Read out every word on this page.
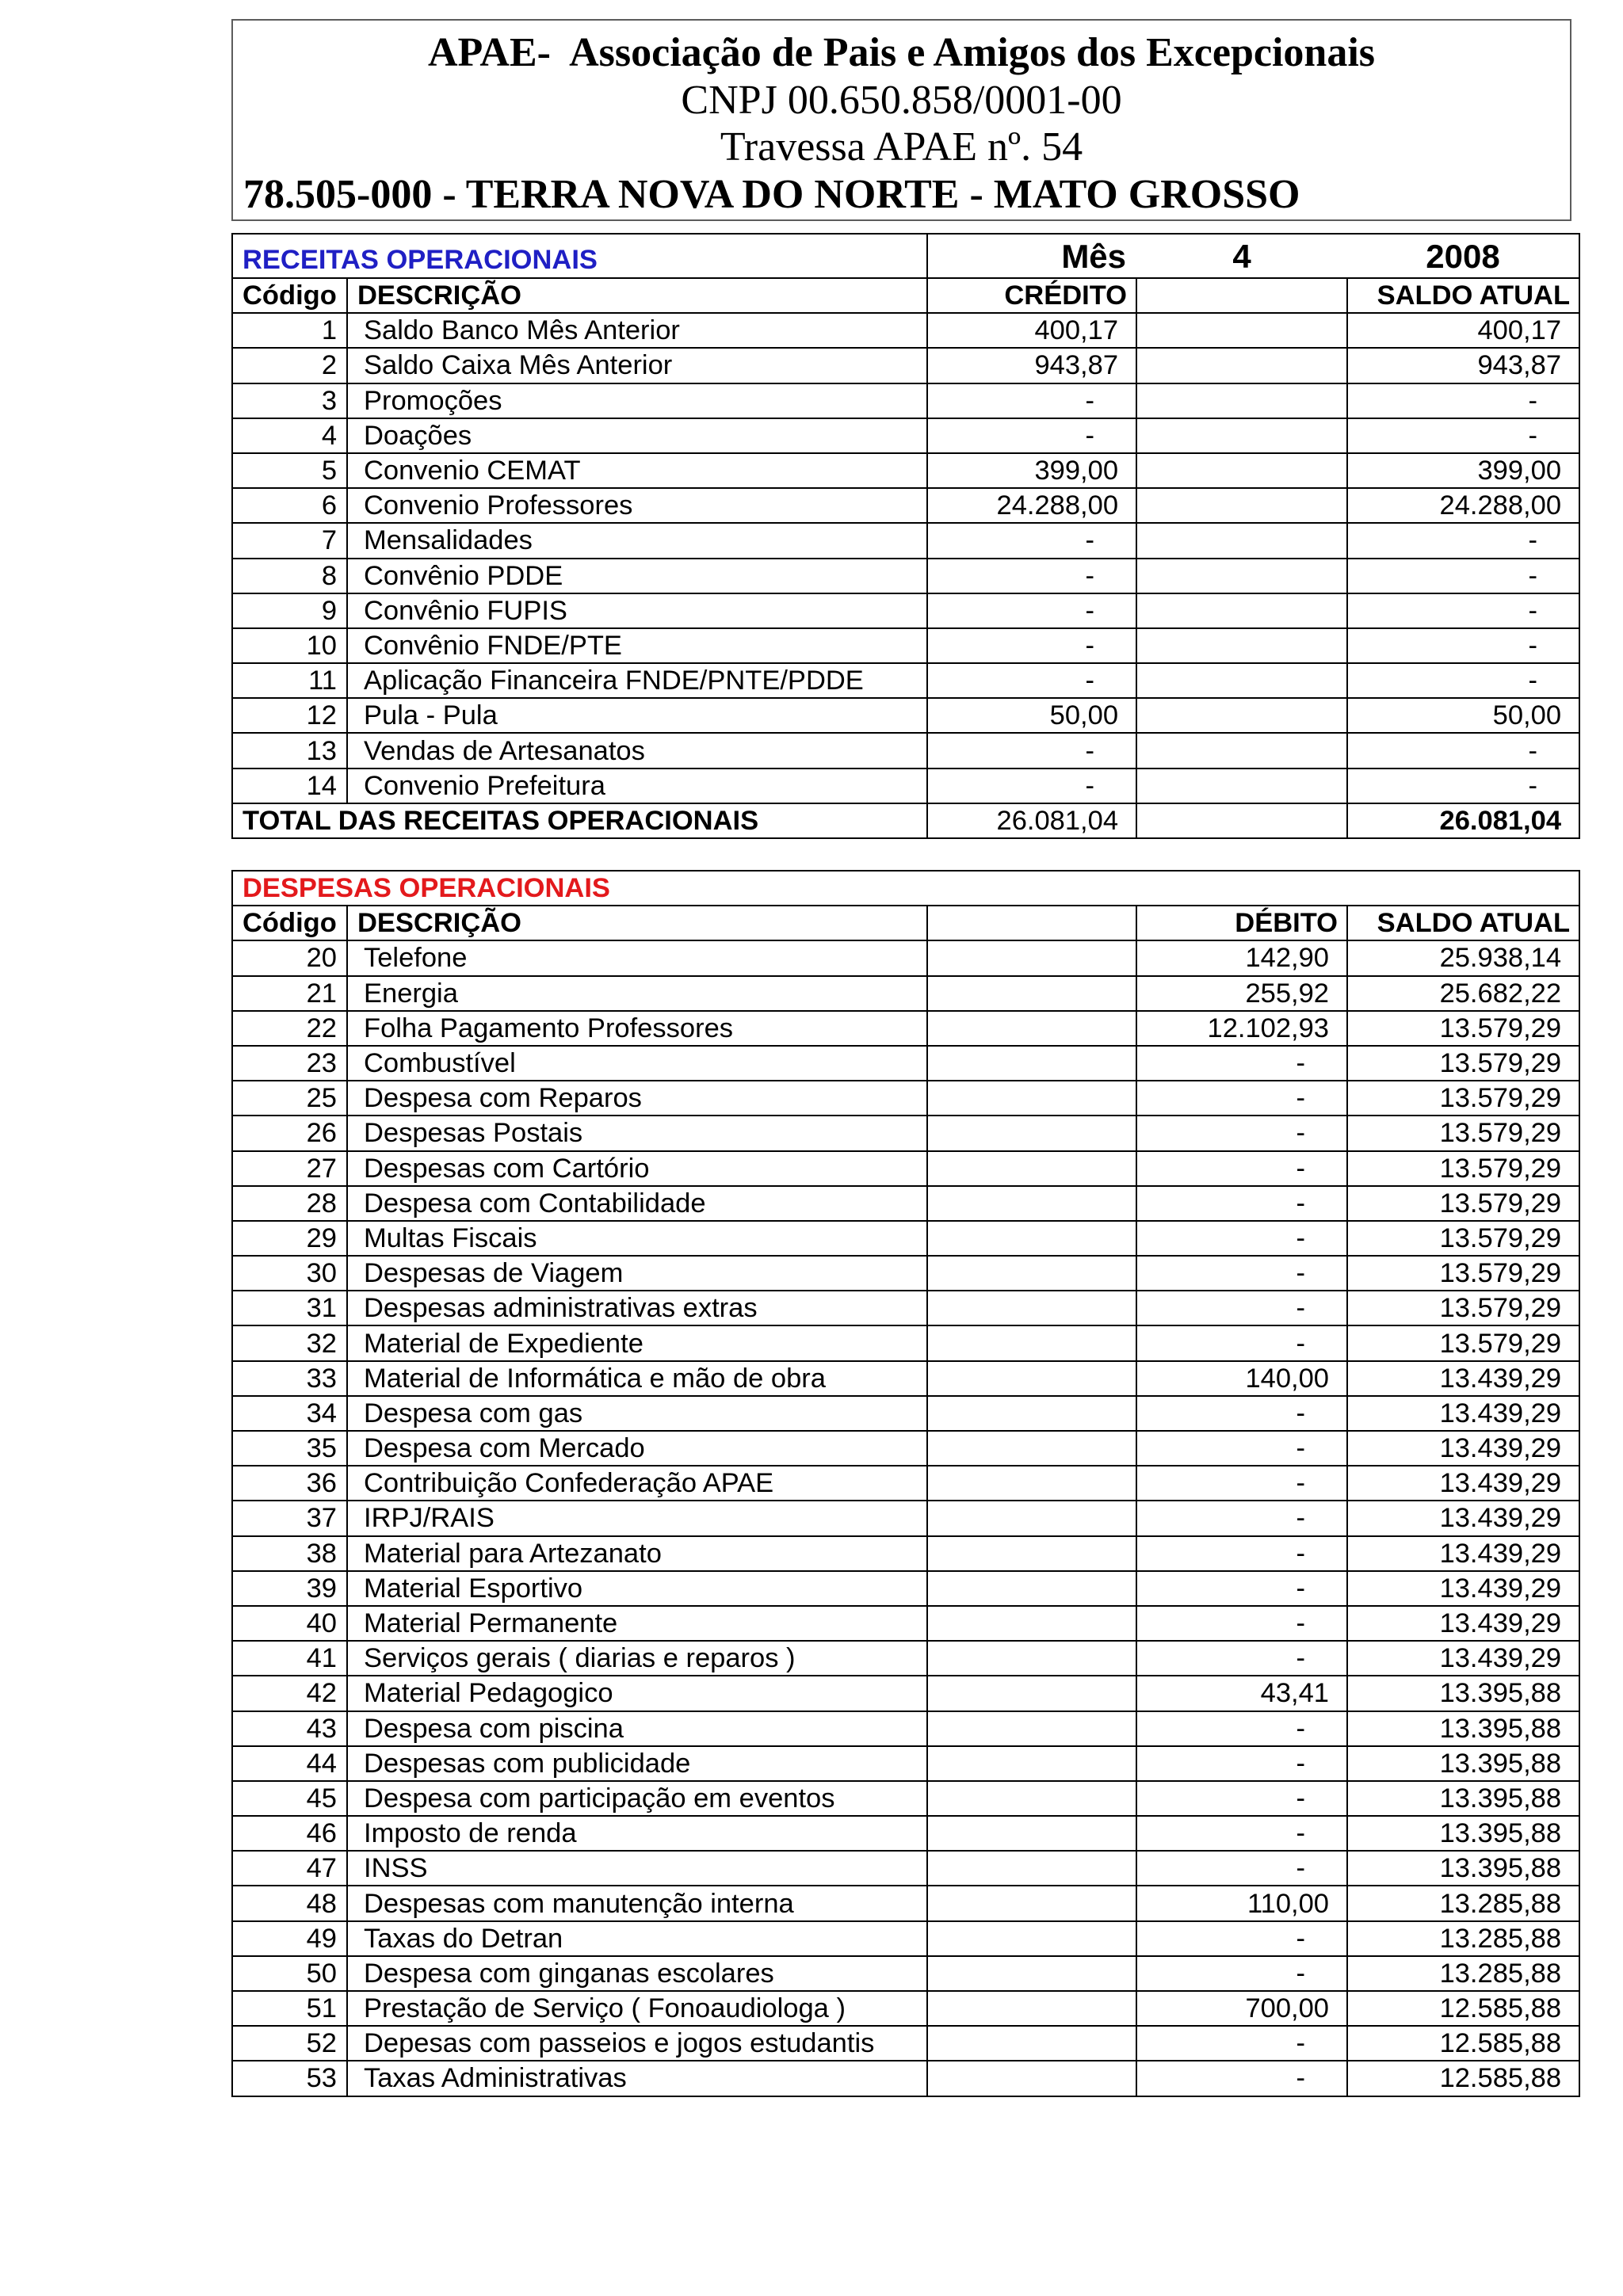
APAE-  Associação de Pais e Amigos dos Excepcionais
CNPJ 00.650.858/0001-00
Travessa APAE nº. 54
78.505-000 - TERRA NOVA DO NORTE - MATO GROSSO
RECEITAS OPERACIONAIS		Mês	4	2008
Código	DESCRIÇÃO	CRÉDITO		SALDO ATUAL
1	Saldo Banco Mês Anterior	400,17		400,17
2	Saldo Caixa Mês Anterior	943,87		943,87
3	Promoções	-		-
4	Doações	-		-
5	Convenio CEMAT	399,00		399,00
6	Convenio Professores	24.288,00		24.288,00
7	Mensalidades	-		-
8	Convênio PDDE	-		-
9	Convênio FUPIS	-		-
10	Convênio FNDE/PTE	-		-
11	Aplicação Financeira FNDE/PNTE/PDDE	-		-
12	Pula - Pula	50,00		50,00
13	Vendas de Artesanatos	-		-
14	Convenio Prefeitura	-		-
TOTAL DAS RECEITAS OPERACIONAIS		26.081,04		26.081,04
DESPESAS OPERACIONAIS				
Código	DESCRIÇÃO		DÉBITO	SALDO ATUAL
20	Telefone		142,90	25.938,14
21	Energia		255,92	25.682,22
22	Folha Pagamento Professores		12.102,93	13.579,29
23	Combustível		-	13.579,29
25	Despesa com Reparos		-	13.579,29
26	Despesas Postais		-	13.579,29
27	Despesas com Cartório		-	13.579,29
28	Despesa com Contabilidade		-	13.579,29
29	Multas Fiscais		-	13.579,29
30	Despesas de Viagem		-	13.579,29
31	Despesas administrativas extras		-	13.579,29
32	Material de Expediente		-	13.579,29
33	Material de Informática e mão de obra		140,00	13.439,29
34	Despesa com gas		-	13.439,29
35	Despesa com Mercado		-	13.439,29
36	Contribuição Confederação APAE		-	13.439,29
37	IRPJ/RAIS		-	13.439,29
38	Material para Artezanato		-	13.439,29
39	Material Esportivo		-	13.439,29
40	Material Permanente		-	13.439,29
41	Serviços gerais ( diarias e reparos )		-	13.439,29
42	Material Pedagogico		43,41	13.395,88
43	Despesa com piscina		-	13.395,88
44	Despesas com publicidade		-	13.395,88
45	Despesa com participação em eventos		-	13.395,88
46	Imposto de renda		-	13.395,88
47	INSS		-	13.395,88
48	Despesas com manutenção interna		110,00	13.285,88
49	Taxas do Detran		-	13.285,88
50	Despesa com ginganas escolares		-	13.285,88
51	Prestação de Serviço ( Fonoaudiologa )		700,00	12.585,88
52	Depesas com passeios e jogos estudantis		-	12.585,88
53	Taxas Administrativas		-	12.585,88
